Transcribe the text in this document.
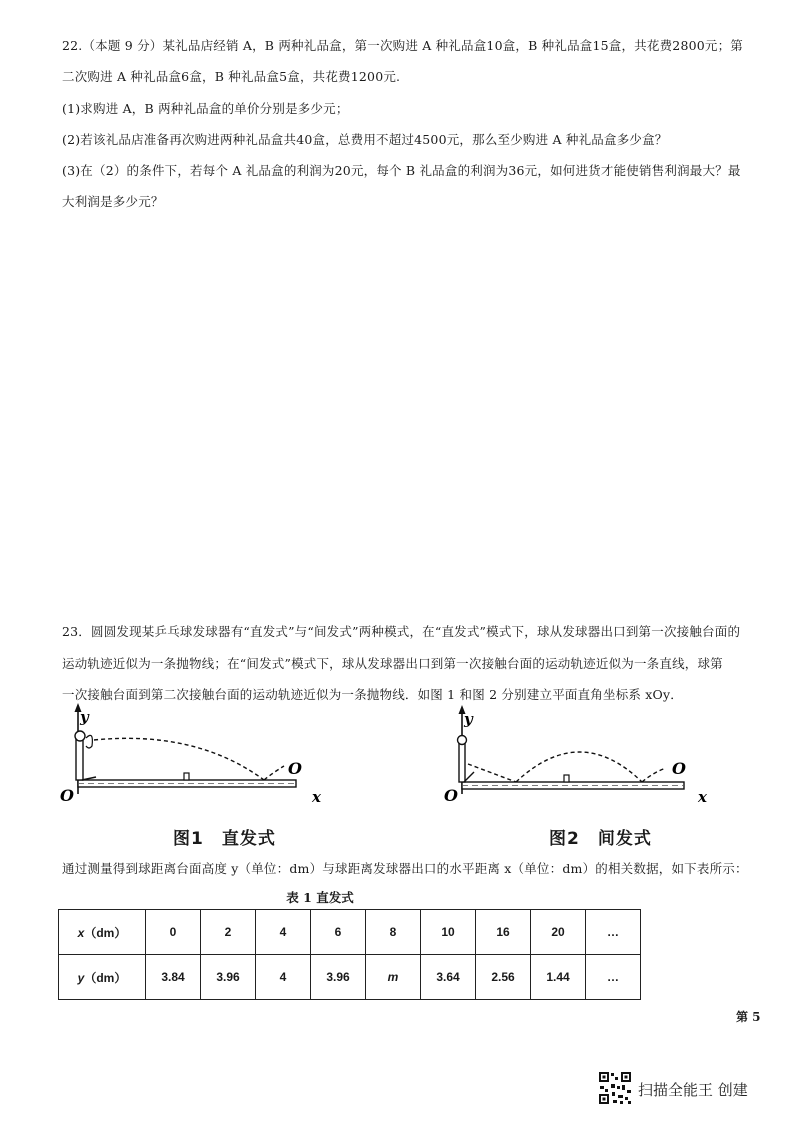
22.（本题 9 分）某礼品店经销 A，B 两种礼品盒，第一次购进 A 种礼品盒10盒，B 种礼品盒15盒，共花费2800元；第
二次购进 A 种礼品盒6盒，B 种礼品盒5盒，共花费1200元.
(1)求购进 A，B 两种礼品盒的单价分别是多少元；
(2)若该礼品店准备再次购进两种礼品盒共40盒，总费用不超过4500元，那么至少购进 A 种礼品盒多少盒？
(3)在（2）的条件下，若每个 A 礼品盒的利润为20元，每个 B 礼品盒的利润为36元，如何进货才能使销售利润最大？最
大利润是多少元？
23．圆圆发现某乒乓球发球器有“直发式”与“间发式”两种模式，在“直发式”模式下，球从发球器出口到第一次接触台面的
运动轨迹近似为一条抛物线；在“间发式”模式下，球从发球器出口到第一次接触台面的运动轨迹近似为一条直线，球第
一次接触台面到第二次接触台面的运动轨迹近似为一条抛物线．如图 1 和图 2 分别建立平面直角坐标系 xOy．
y
O
O
x
图1　直发式
y
O
O
x
图2　间发式
通过测量得到球距离台面高度 y（单位：dm）与球距离发球器出口的水平距离 x（单位：dm）的相关数据，如下表所示：
表 1 直发式
x（dm）	0	2	4	6	8	10	16	20	…
y（dm）	3.84	3.96	4	3.96	m	3.64	2.56	1.44	…
第 5
扫描全能王 创建
